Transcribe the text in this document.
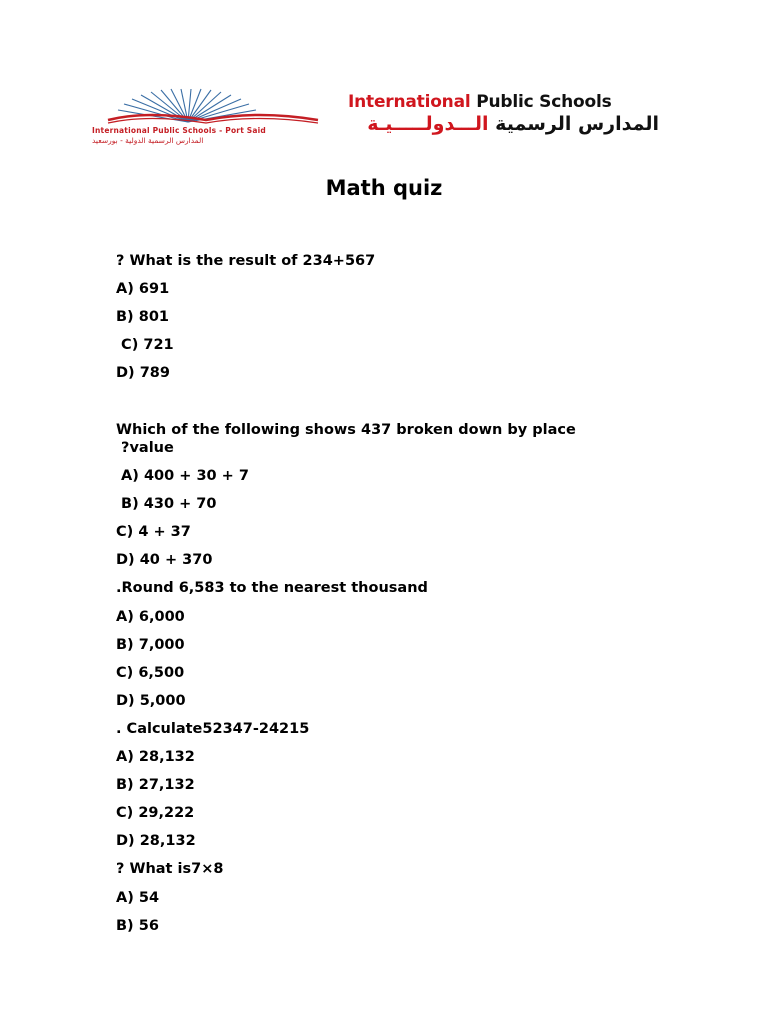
International Public Schools - Port Said
المدارس الرسمية الدولية - بورسعيد
International Public Schools
المدارس الرسمية الـــدولـــــيـة
Math quiz
? What is the result of 234+567
A) 691
B) 801
C) 721
D) 789
Which of the following shows 437 broken down by place
?value
A) 400 + 30 + 7
B) 430 + 70
C) 4 + 37
D) 40 + 370
.Round 6,583 to the nearest thousand
A) 6,000
B) 7,000
C) 6,500
D) 5,000
. Calculate52347-24215
A) 28,132
B) 27,132
C) 29,222
D) 28,132
? What is7×8
A) 54
B) 56
